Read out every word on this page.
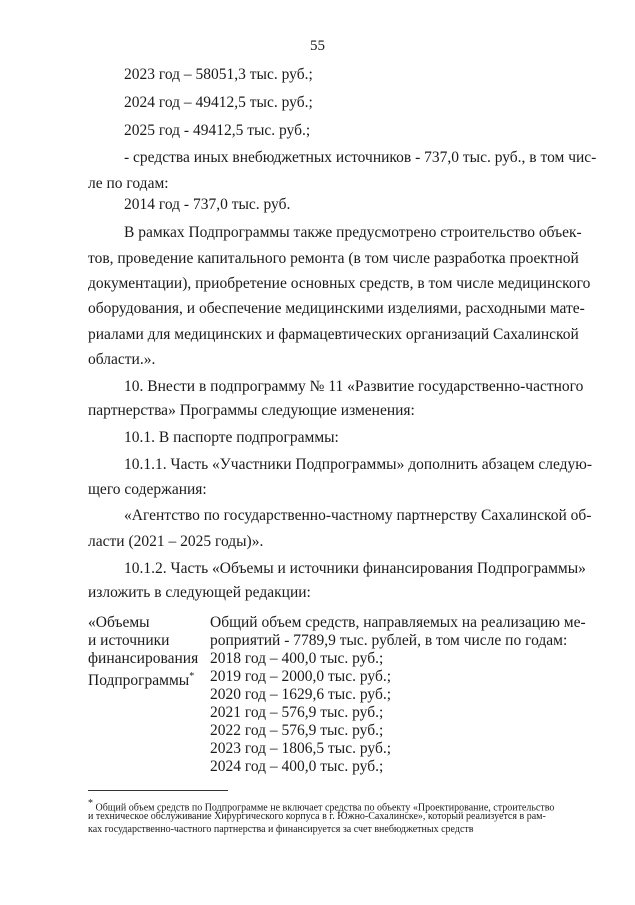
55
2023 год – 58051,3 тыс. руб.;
2024 год – 49412,5 тыс. руб.;
2025 год - 49412,5 тыс. руб.;
- средства иных внебюджетных источников - 737,0 тыс. руб., в том чис-
ле по годам:
2014 год - 737,0 тыс. руб.
В рамках Подпрограммы также предусмотрено строительство объек-
тов, проведение капитального ремонта (в том числе разработка проектной
документации), приобретение основных средств, в том числе медицинского
оборудования, и обеспечение медицинскими изделиями, расходными мате-
риалами для медицинских и фармацевтических организаций Сахалинской
области.».
10. Внести в подпрограмму № 11 «Развитие государственно-частного
партнерства» Программы следующие изменения:
10.1. В паспорте подпрограммы:
10.1.1. Часть «Участники Подпрограммы» дополнить абзацем следую-
щего содержания:
«Агентство по государственно-частному партнерству Сахалинской об-
ласти (2021 – 2025 годы)».
10.1.2. Часть «Объемы и источники финансирования Подпрограммы»
изложить в следующей редакции:
«Объемы
и источники
финансирования
Подпрограммы*
Общий объем средств, направляемых на реализацию ме-
роприятий - 7789,9 тыс. рублей, в том числе по годам:
2018 год – 400,0 тыс. руб.;
2019 год – 2000,0 тыс. руб.;
2020 год – 1629,6 тыс. руб.;
2021 год – 576,9 тыс. руб.;
2022 год – 576,9 тыс. руб.;
2023 год – 1806,5 тыс. руб.;
2024 год – 400,0 тыс. руб.;
* Общий объем средств по Подпрограмме не включает средства по объекту «Проектирование, строительство
и техническое обслуживание Хирургического корпуса в г. Южно-Сахалинске», который реализуется в рам-
ках государственно-частного партнерства и финансируется за счет внебюджетных средств
